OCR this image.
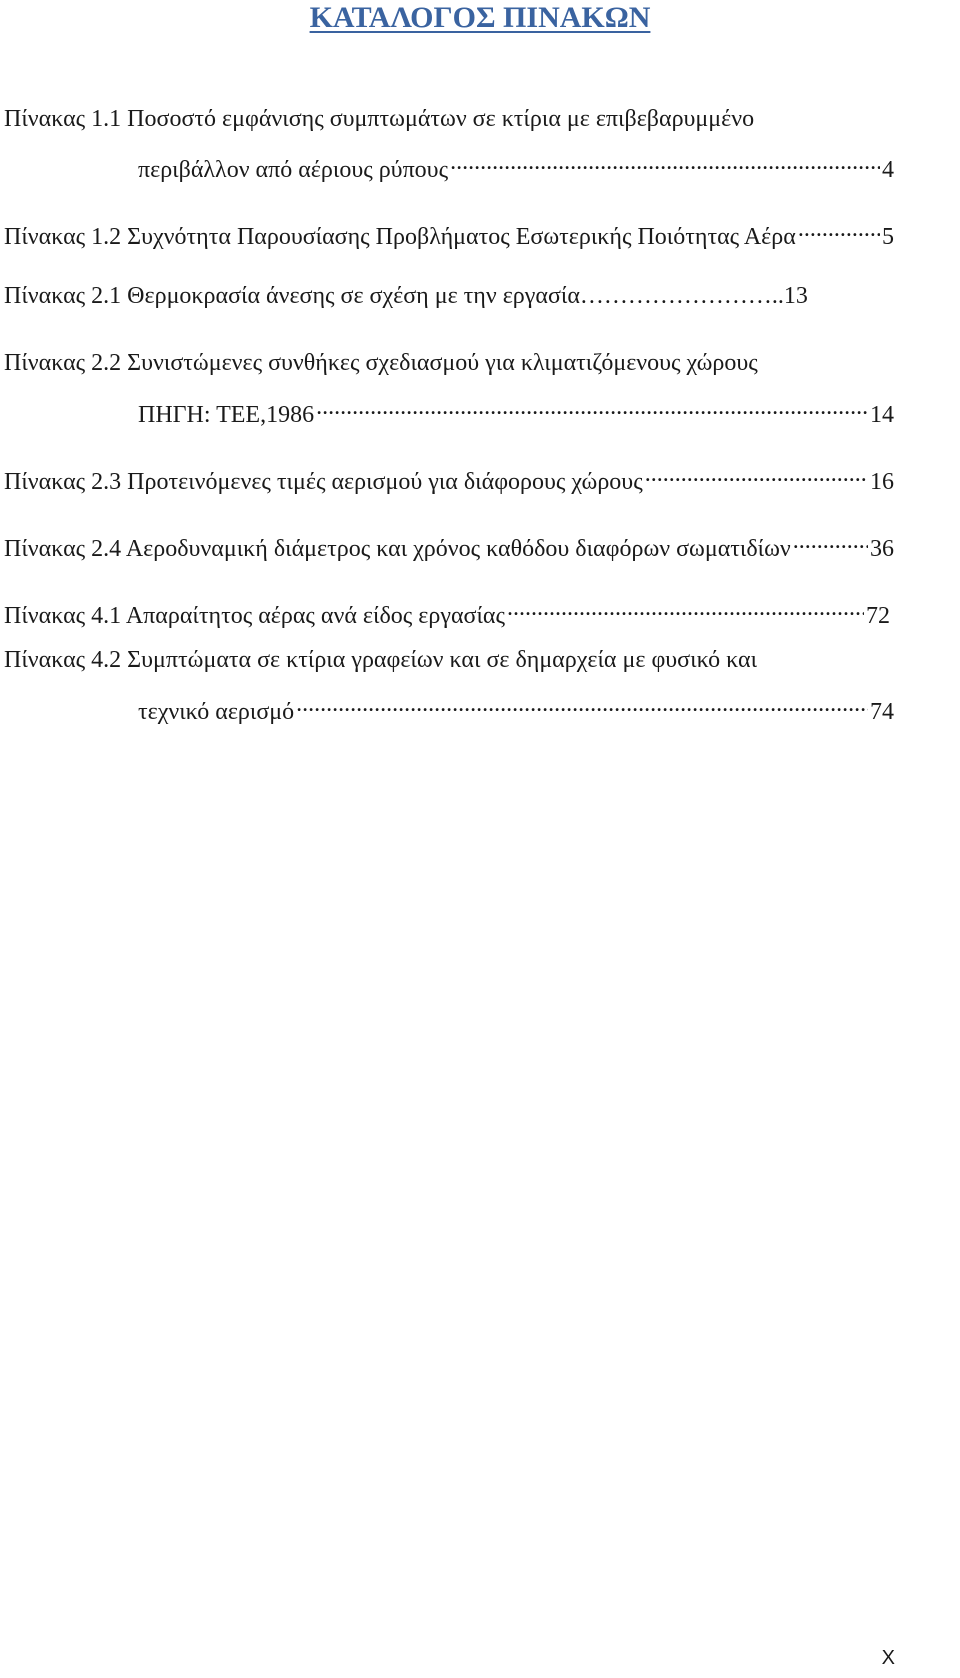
ΚΑΤΑΛΟΓΟΣ ΠΙΝΑΚΩΝ
Πίνακας 1.1 Ποσοστό εμφάνισης συμπτωμάτων σε κτίρια με επιβεβαρυμμένο
περιβάλλον από αέριους ρύπους .....	4
Πίνακας 1.2 Συχνότητα Παρουσίασης Προβλήματος Εσωτερικής Ποιότητας Αέρα .....	5
Πίνακας 2.1 Θερμοκρασία άνεσης σε σχέση με την εργασία……………………..13
Πίνακας 2.2 Συνιστώμενες συνθήκες σχεδιασμού για κλιματιζόμενους χώρους
ΠΗΓΗ: ΤΕΕ,1986 .....	14
Πίνακας 2.3 Προτεινόμενες τιμές αερισμού για διάφορους χώρους .....	16
Πίνακας 2.4 Αεροδυναμική διάμετρος και χρόνος καθόδου διαφόρων σωματιδίων .....	36
Πίνακας 4.1 Απαραίτητος αέρας ανά είδος εργασίας .....	72
Πίνακας 4.2 Συμπτώματα σε κτίρια γραφείων και σε δημαρχεία με φυσικό και
τεχνικό αερισμό .....	74
X
